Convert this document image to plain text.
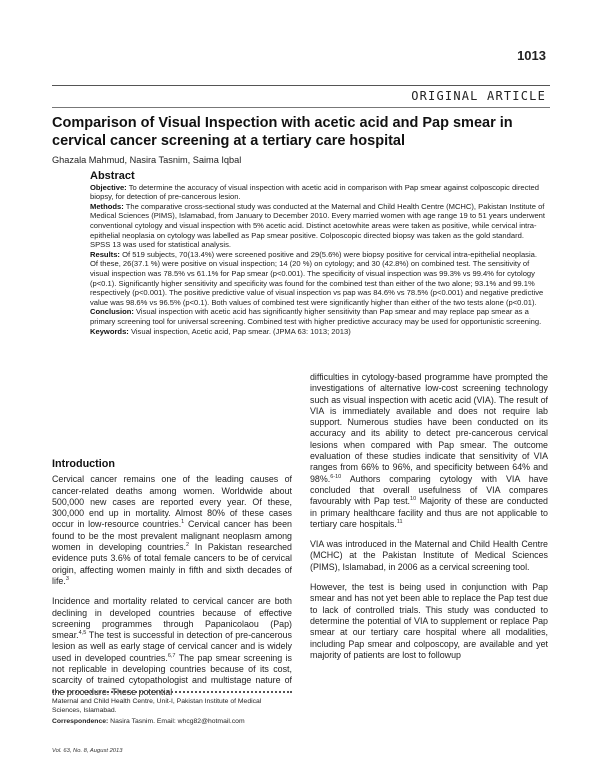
1013
ORIGINAL ARTICLE
Comparison of Visual Inspection with acetic acid and Pap smear in cervical cancer screening at a tertiary care hospital
Ghazala Mahmud, Nasira Tasnim, Saima Iqbal
Abstract

Objective: To determine the accuracy of visual inspection with acetic acid in comparison with Pap smear against colposcopic directed biopsy, for detection of pre-cancerous lesion.

Methods: The comparative cross-sectional study was conducted at the Maternal and Child Health Centre (MCHC), Pakistan Institute of Medical Sciences (PIMS), Islamabad, from January to December 2010. Every married women with age range 19 to 51 years underwent conventional cytology and visual inspection with 5% acetic acid. Distinct acetowhite areas were taken as positive, while cervical intra-epithelial neoplasia on cytology was labelled as Pap smear positive. Colposcopic directed biopsy was taken as the gold standard. SPSS 13 was used for statistical analysis.

Results: Of 519 subjects, 70(13.4%) were screened positive and 29(5.6%) were biopsy positive for cervical intra-epithelial neoplasia. Of these, 26(37.1 %) were positive on visual inspection; 14 (20 %) on cytology; and 30 (42.8%) on combined test. The sensitivity of visual inspection was 78.5% vs 61.1% for Pap smear (p<0.001). The specificity of visual inspection was 99.3% vs 99.4% for cytology (p<0.1). Significantly higher sensitivity and specificity was found for the combined test than either of the two alone; 93.1% and 99.1% respectively (p<0.001). The positive predictive value of visual inspection vs pap was 84.6% vs 78.5% (p<0.001) and negative predictive value was 98.6% vs 96.5% (p<0.1). Both values of combined test were significantly higher than either of the two tests alone (p<0.01).

Conclusion: Visual inspection with acetic acid has significantly higher sensitivity than Pap smear and may replace pap smear as a primary screening tool for universal screening. Combined test with higher predictive accuracy may be used for opportunistic screening.

Keywords: Visual inspection, Acetic acid, Pap smear. (JPMA 63: 1013; 2013)

Introduction

Cervical cancer remains one of the leading causes of cancer-related deaths among women. Worldwide about 500,000 new cases are reported every year. Of these, 300,000 end up in mortality. Almost 80% of these cases occur in low-resource countries.$^1$ Cervical cancer has been found to be the most prevalent malignant neoplasm among women in developing countries.$^2$ In Pakistan researched evidence puts 3.6% of total female cancers to be of cervical origin, affecting women mainly in fifth and sixth decades of life.$^3$

Incidence and mortality related to cervical cancer are both declining in developed countries because of effective screening programmes through Papanicolaou (Pap) smear.$^{4,5}$ The test is successful in detection of pre-cancerous lesion as well as early stage of cervical cancer and is widely used in developed countries.$^{6,7}$ The pap smear screening is not replicable in developing countries because of its cost, scarcity of trained cytopathologist and multistage nature of the procedure. These potential

difficulties in cytology-based programme have prompted the investigations of alternative low-cost screening technology such as visual inspection with acetic acid (VIA). The result of VIA is immediately available and does not require lab support. Numerous studies have been conducted on its accuracy and its ability to detect pre-cancerous cervical lesions when compared with Pap smear. The outcome evaluation of these studies indicate that sensitivity of VIA ranges from 66% to 96%, and specificity between 64% and 98%.$^{6-10}$ Authors comparing cytology with VIA have concluded that overall usefulness of VIA compares favourably with Pap test.$^{10}$ Majority of these are conducted in primary healthcare facility and thus are not applicable to tertiary care hospitals.$^{11}$

VIA was introduced in the Maternal and Child Health Centre (MCHC) at the Pakistan Institute of Medical Sciences (PIMS), Islamabad, in 2006 as a cervical screening tool.

However, the test is being used in conjunction with Pap smear and has not yet been able to replace the Pap test due to lack of controlled trials. This study was conducted to determine the potential of VIA to supplement or replace Pap smear at our tertiary care hospital where all modalities, including Pap smear and colposcopy, are available and yet majority of patients are lost to followup

Maternal and Child Health Centre, Unit-I, Pakistan Institute of Medical Sciences, Islamabad.

Correspondence: Nasira Tasnim. Email: whcg82@hotmail.com

Vol. 63, No. 8, August 2013
